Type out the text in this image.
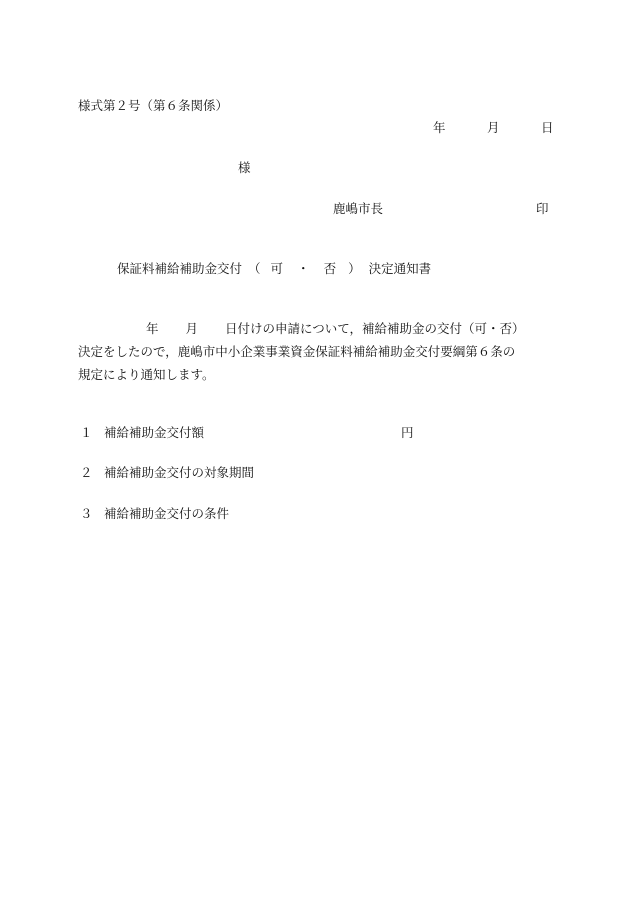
様式第２号（第６条関係）
年	月	日
様
鹿嶋市長	印
保証料補給補助金交付 （ 可 ・ 否 ） 決定通知書
年 月 日付けの申請について，補給補助金の交付（可・否）
決定をしたので，鹿嶋市中小企業事業資金保証料補給補助金交付要綱第６条の
規定により通知します。
１ 補給補助金交付額	円
２ 補給補助金交付の対象期間
３ 補給補助金交付の条件
